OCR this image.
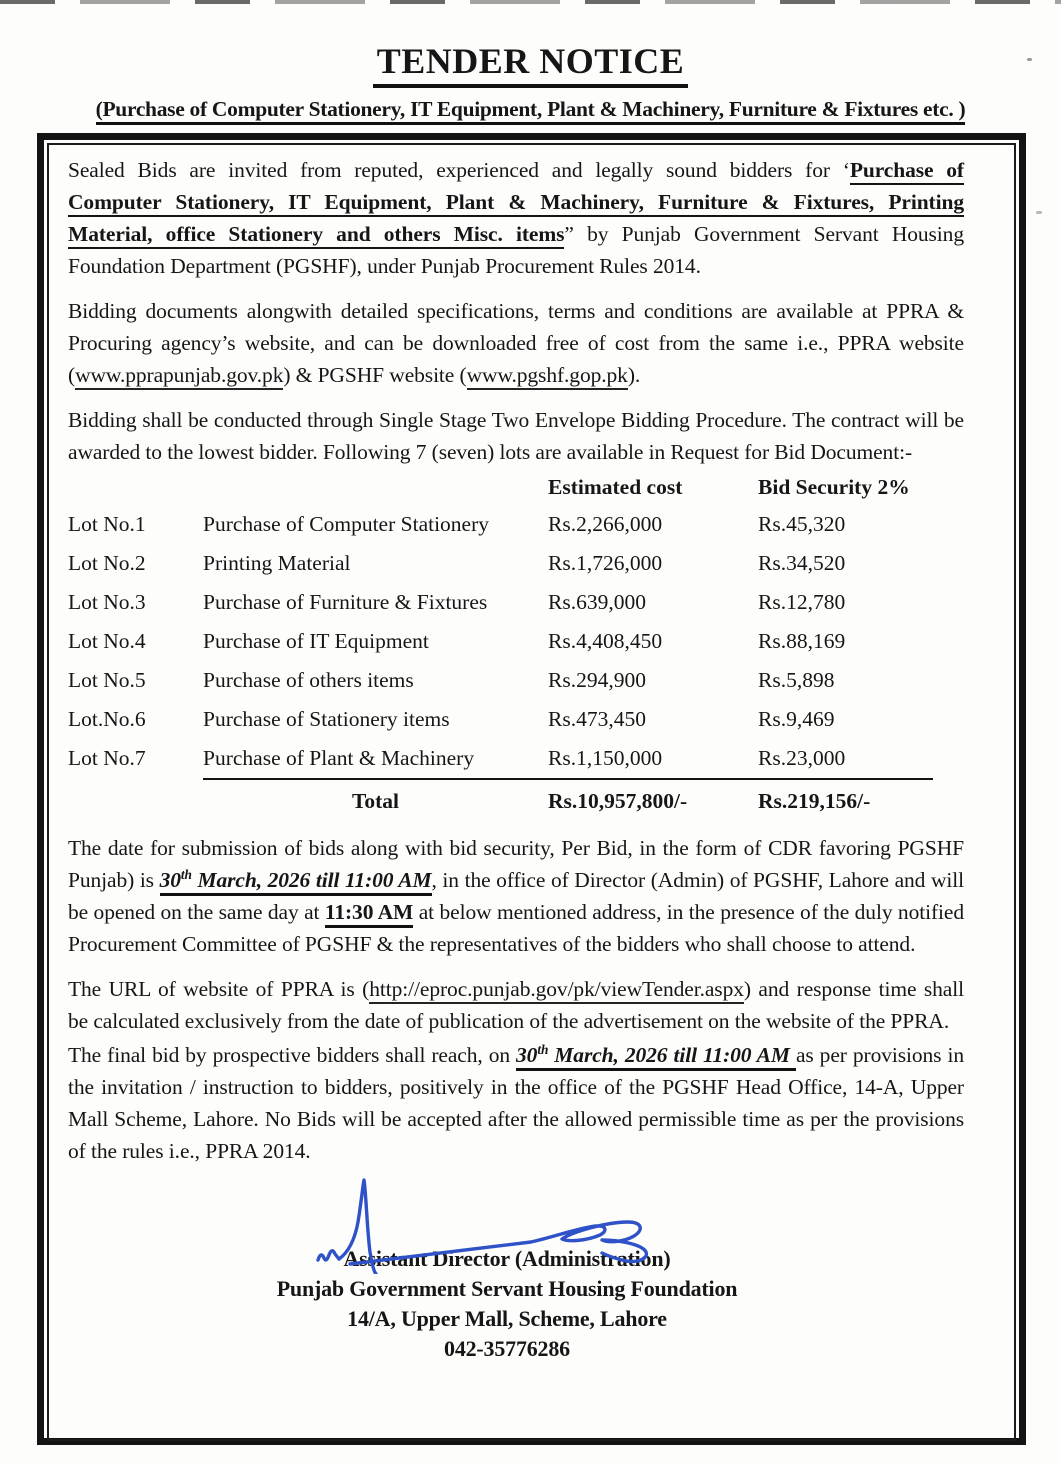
TENDER NOTICE
(Purchase of Computer Stationery, IT Equipment, Plant & Machinery, Furniture & Fixtures etc. )

Sealed Bids are invited from reputed, experienced and legally sound bidders for ‘Purchase of Computer Stationery, IT Equipment, Plant & Machinery, Furniture & Fixtures, Printing Material, office Stationery and others Misc. items” by Punjab Government Servant Housing Foundation Department (PGSHF), under Punjab Procurement Rules 2014.

Bidding documents alongwith detailed specifications, terms and conditions are available at PPRA & Procuring agency’s website, and can be downloaded free of cost from the same i.e., PPRA website (www.pprapunjab.gov.pk) & PGSHF website (www.pgshf.gop.pk).

Bidding shall be conducted through Single Stage Two Envelope Bidding Procedure. The contract will be awarded to the lowest bidder. Following 7 (seven) lots are available in Request for Bid Document:-

		Estimated cost	Bid Security 2%	
Lot No.1	Purchase of Computer Stationery	Rs.2,266,000	Rs.45,320	
Lot No.2	Printing Material	Rs.1,726,000	Rs.34,520	
Lot No.3	Purchase of Furniture & Fixtures	Rs.639,000	Rs.12,780	
Lot No.4	Purchase of IT Equipment	Rs.4,408,450	Rs.88,169	
Lot No.5	Purchase of others items	Rs.294,900	Rs.5,898	
Lot.No.6	Purchase of Stationery items	Rs.473,450	Rs.9,469	
Lot No.7	Purchase of Plant & Machinery	Rs.1,150,000	Rs.23,000	
	Total	Rs.10,957,800/-	Rs.219,156/-	

The date for submission of bids along with bid security, Per Bid, in the form of CDR favoring PGSHF Punjab) is 30th March, 2026 till 11:00 AM, in the office of Director (Admin) of PGSHF, Lahore and will be opened on the same day at 11:30 AM at below mentioned address, in the presence of the duly notified Procurement Committee of PGSHF & the representatives of the bidders who shall choose to attend.

The URL of website of PPRA is (http://eproc.punjab.gov/pk/viewTender.aspx) and response time shall be calculated exclusively from the date of publication of the advertisement on the website of the PPRA.

The final bid by prospective bidders shall reach, on 30th March, 2026 till 11:00 AM as per provisions in the invitation / instruction to bidders, positively in the office of the PGSHF Head Office, 14-A, Upper Mall Scheme, Lahore. No Bids will be accepted after the allowed permissible time as per the provisions of the rules i.e., PPRA 2014.

Assistant Director (Administration)
Punjab Government Servant Housing Foundation
14/A, Upper Mall, Scheme, Lahore
042-35776286
